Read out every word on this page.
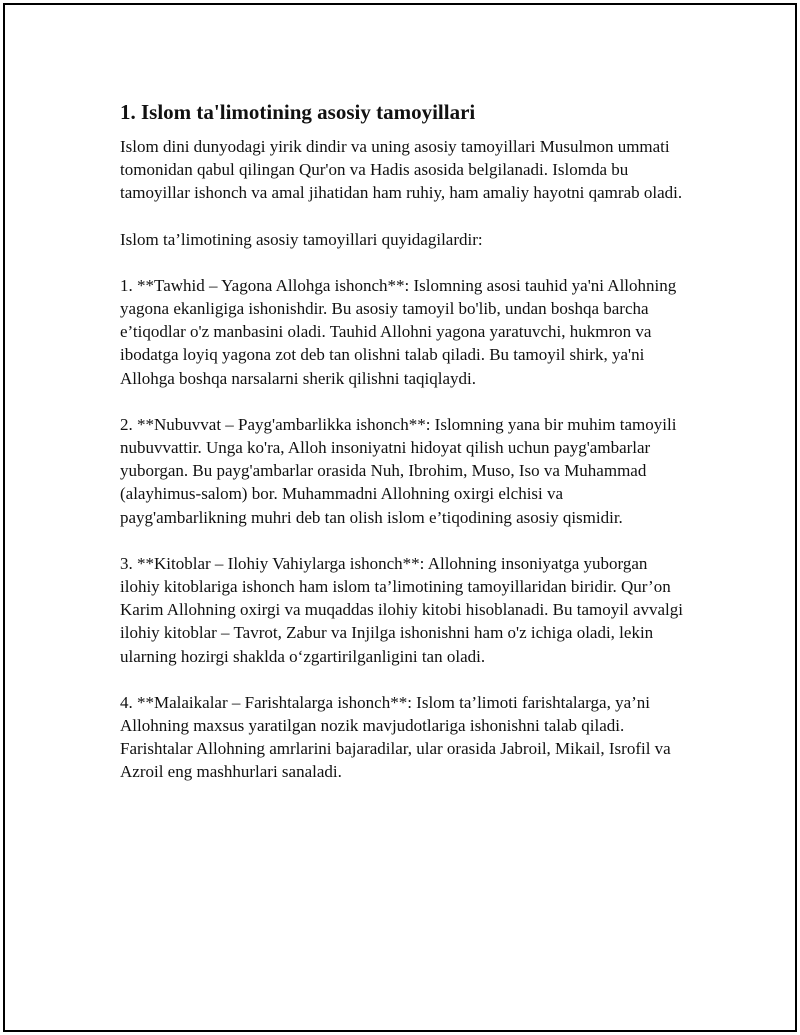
1. Islom ta'limotining asosiy tamoyillari

Islom dini dunyodagi yirik dindir va uning asosiy tamoyillari Musulmon ummati tomonidan qabul qilingan Qur'on va Hadis asosida belgilanadi. Islomda bu tamoyillar ishonch va amal jihatidan ham ruhiy, ham amaliy hayotni qamrab oladi.

Islom ta’limotining asosiy tamoyillari quyidagilardir:

1. **Tawhid – Yagona Allohga ishonch**: Islomning asosi tauhid ya'ni Allohning yagona ekanligiga ishonishdir. Bu asosiy tamoyil bo'lib, undan boshqa barcha e’tiqodlar o'z manbasini oladi. Tauhid Allohni yagona yaratuvchi, hukmron va ibodatga loyiq yagona zot deb tan olishni talab qiladi. Bu tamoyil shirk, ya'ni Allohga boshqa narsalarni sherik qilishni taqiqlaydi.

2. **Nubuvvat – Payg'ambarlikka ishonch**: Islomning yana bir muhim tamoyili nubuvvattir. Unga ko'ra, Alloh insoniyatni hidoyat qilish uchun payg'ambarlar yuborgan. Bu payg'ambarlar orasida Nuh, Ibrohim, Muso, Iso va Muhammad (alayhimus-salom) bor. Muhammadni Allohning oxirgi elchisi va payg'ambarlikning muhri deb tan olish islom e’tiqodining asosiy qismidir.

3. **Kitoblar – Ilohiy Vahiylarga ishonch**: Allohning insoniyatga yuborgan ilohiy kitoblariga ishonch ham islom ta’limotining tamoyillaridan biridir. Qur’on Karim Allohning oxirgi va muqaddas ilohiy kitobi hisoblanadi. Bu tamoyil avvalgi ilohiy kitoblar – Tavrot, Zabur va Injilga ishonishni ham o'z ichiga oladi, lekin ularning hozirgi shaklda o‘zgartirilganligini tan oladi.

4. **Malaikalar – Farishtalarga ishonch**: Islom ta’limoti farishtalarga, ya’ni Allohning maxsus yaratilgan nozik mavjudotlariga ishonishni talab qiladi. Farishtalar Allohning amrlarini bajaradilar, ular orasida Jabroil, Mikail, Isrofil va Azroil eng mashhurlari sanaladi.
